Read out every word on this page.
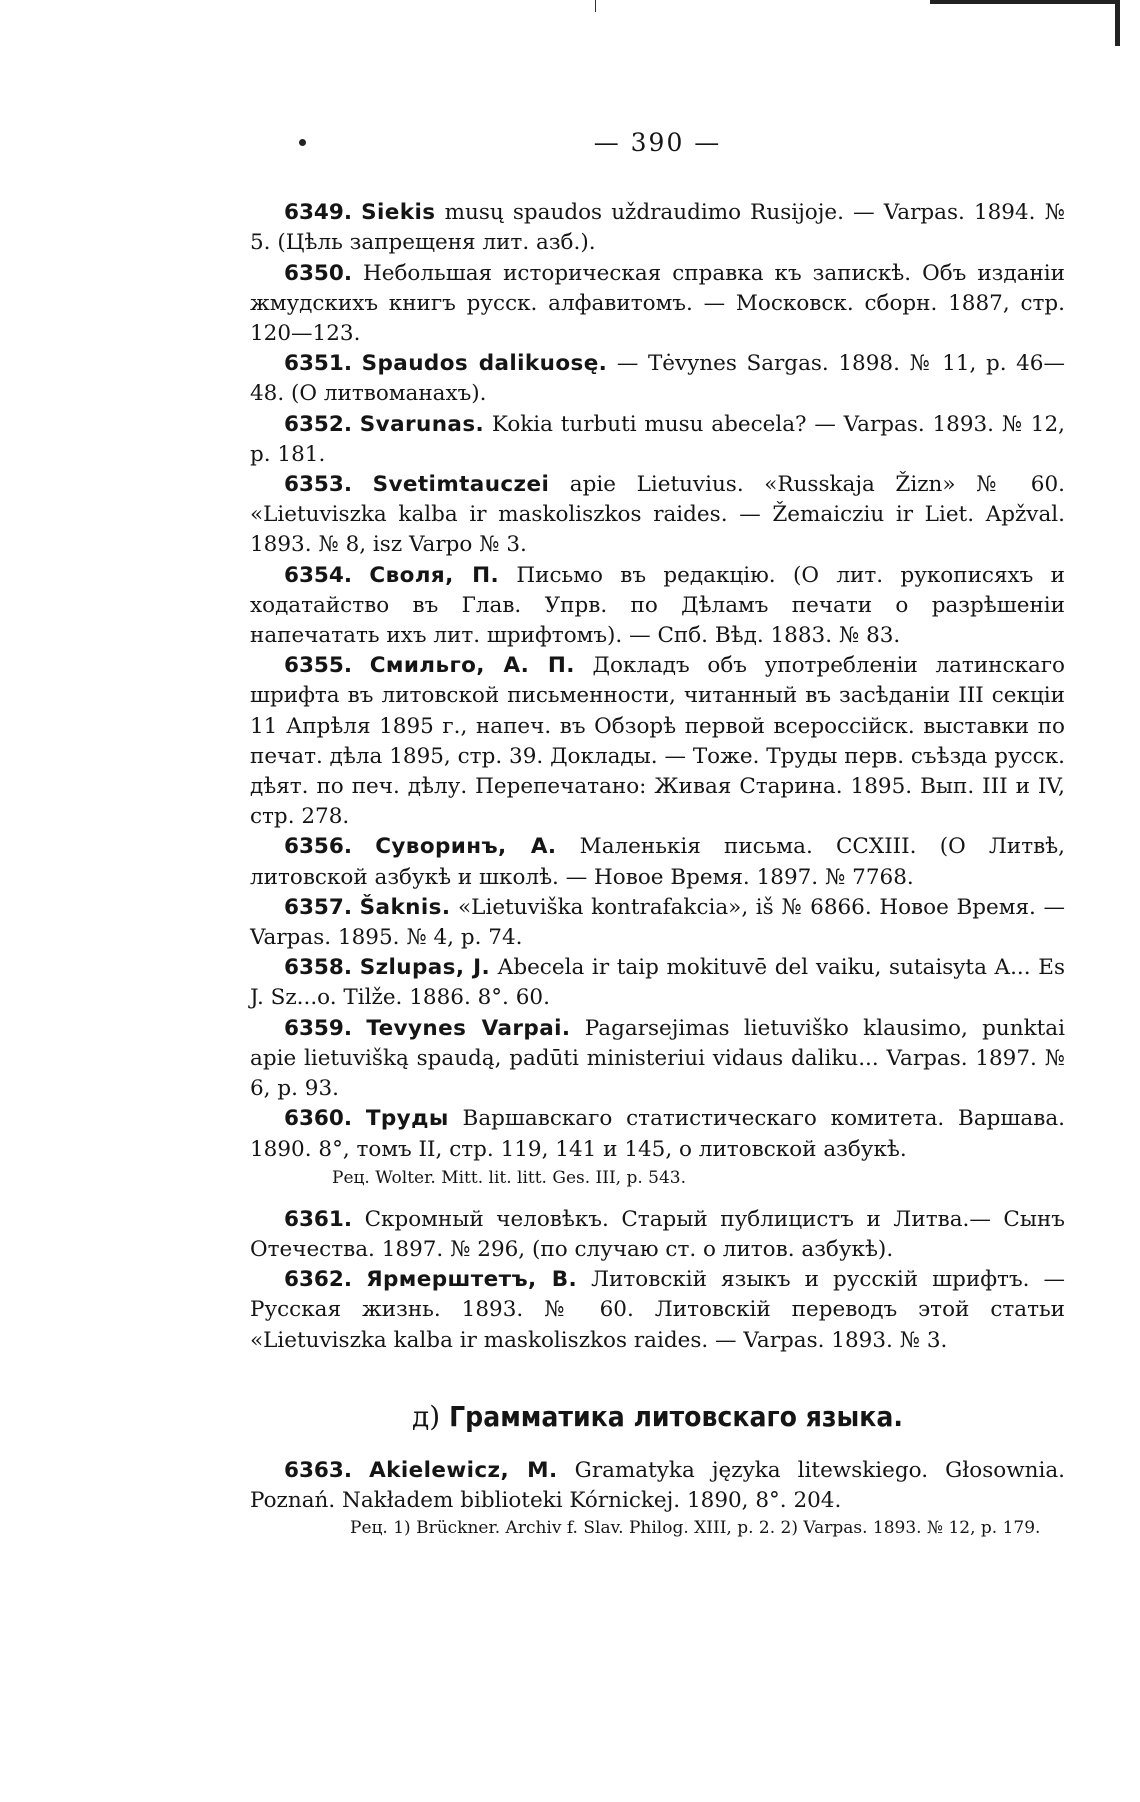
— 390 —

6349. Siekis musų spaudos uždraudimo Rusijoje. — Varpas. 1894. № 5. (Цѣль запрещеня лит. азб.).

6350. Небольшая историческая справка къ запискѣ. Объ изданіи жмудскихъ книгъ русск. алфавитомъ. — Московск. сборн. 1887, стр. 120—123.

6351. Spaudos dalikuosę. — Tėvynes Sargas. 1898. № 11, p. 46—48. (О литвоманахъ).

6352. Svarunas. Kokia turbuti musu abecela? — Varpas. 1893. № 12, p. 181.

6353. Svetimtauczei apie Lietuvius. «Russkaja Žizn» № 60. «Lietuviszka kalba ir maskoliszkos raides. — Žemaicziu ir Liet. Apžval. 1893. № 8, isz Varpo № 3.

6354. Своля, П. Письмо въ редакцію. (О лит. рукописяхъ и ходатайство въ Глав. Упрв. по Дѣламъ печати о разрѣшеніи напечатать ихъ лит. шрифтомъ). — Спб. Вѣд. 1883. № 83.

6355. Смильго, А. П. Докладъ объ употребленіи латинскаго шрифта въ литовской письменности, читанный въ засѣданіи III секціи 11 Апрѣля 1895 г., напеч. въ Обзорѣ первой всероссійск. выставки по печат. дѣла 1895, стр. 39. Доклады. — Тоже. Труды перв. съѣзда русск. дѣят. по печ. дѣлу. Перепечатано: Живая Старина. 1895. Вып. III и IV, стр. 278.

6356. Суворинъ, А. Маленькія письма. CCXIII. (О Литвѣ, литовской азбукѣ и школѣ. — Новое Время. 1897. № 7768.

6357. Šaknis. «Lietuviška kontrafakcia», iš № 6866. Новое Время. — Varpas. 1895. № 4, p. 74.

6358. Szlupas, J. Abecela ir taip mokituvē del vaiku, sutaisyta A... Es J. Sz...o. Tilže. 1886. 8°. 60.

6359. Tevynes Varpai. Pagarsejimas lietuviško klausimo, punktai apie lietuvišką spaudą, padūti ministeriui vidaus daliku... Varpas. 1897. № 6, p. 93.

6360. Труды Варшавскаго статистическаго комитета. Варшава. 1890. 8°, томъ II, стр. 119, 141 и 145, о литовской азбукѣ.

Рец. Wolter. Mitt. lit. litt. Ges. III, p. 543.

6361. Скромный человѣкъ. Старый публицистъ и Литва.— Сынъ Отечества. 1897. № 296, (по случаю ст. о литов. азбукѣ).

6362. Ярмерштетъ, В. Литовскій языкъ и русскій шрифтъ. — Русская жизнь. 1893. № 60. Литовскій переводъ этой статьи «Lietuviszka kalba ir maskoliszkos raides. — Varpas. 1893. № 3.

д) Грамматика литовскаго языка.

6363. Akielewicz, M. Gramatyka języka litewskiego. Głosownia. Poznań. Nakładem biblioteki Kórnickej. 1890, 8°. 204.

Рец. 1) Brückner. Archiv f. Slav. Philog. XIII, p. 2. 2) Varpas. 1893. № 12, p. 179.
